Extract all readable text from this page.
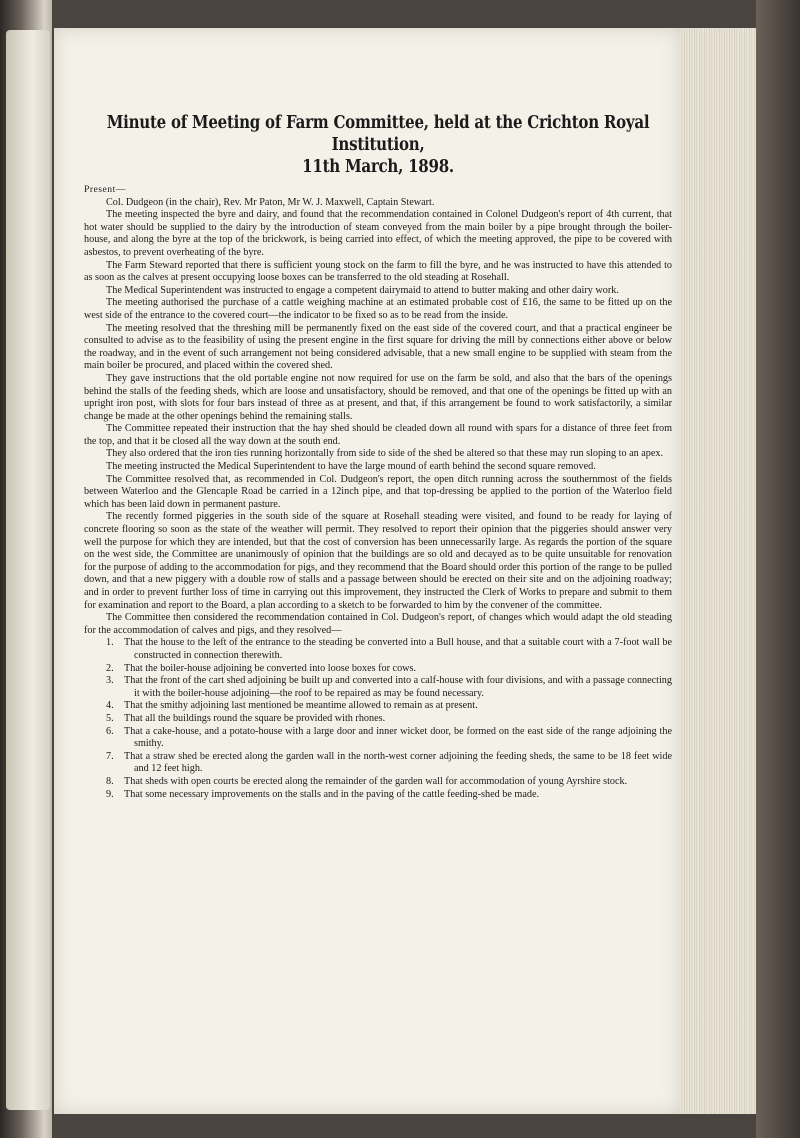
Minute of Meeting of Farm Committee, held at the Crichton Royal Institution,
11th March, 1898.

Present—

Col. Dudgeon (in the chair), Rev. Mr Paton, Mr W. J. Maxwell, Captain Stewart.

The meeting inspected the byre and dairy, and found that the recommendation contained in Colonel Dudgeon's report of 4th current, that hot water should be supplied to the dairy by the introduction of steam conveyed from the main boiler by a pipe brought through the boiler-house, and along the byre at the top of the brickwork, is being carried into effect, of which the meeting approved, the pipe to be covered with asbestos, to prevent overheating of the byre.

The Farm Steward reported that there is sufficient young stock on the farm to fill the byre, and he was instructed to have this attended to as soon as the calves at present occupying loose boxes can be transferred to the old steading at Rosehall.

The Medical Superintendent was instructed to engage a competent dairymaid to attend to butter making and other dairy work.

The meeting authorised the purchase of a cattle weighing machine at an estimated probable cost of £16, the same to be fitted up on the west side of the entrance to the covered court—the indicator to be fixed so as to be read from the inside.

The meeting resolved that the threshing mill be permanently fixed on the east side of the covered court, and that a practical engineer be consulted to advise as to the feasibility of using the present engine in the first square for driving the mill by connections either above or below the roadway, and in the event of such arrangement not being considered advisable, that a new small engine to be supplied with steam from the main boiler be procured, and placed within the covered shed.

They gave instructions that the old portable engine not now required for use on the farm be sold, and also that the bars of the openings behind the stalls of the feeding sheds, which are loose and unsatisfactory, should be removed, and that one of the openings be fitted up with an upright iron post, with slots for four bars instead of three as at present, and that, if this arrangement be found to work satisfactorily, a similar change be made at the other openings behind the remaining stalls.

The Committee repeated their instruction that the hay shed should be cleaded down all round with spars for a distance of three feet from the top, and that it be closed all the way down at the south end.

They also ordered that the iron ties running horizontally from side to side of the shed be altered so that these may run sloping to an apex.

The meeting instructed the Medical Superintendent to have the large mound of earth behind the second square removed.

The Committee resolved that, as recommended in Col. Dudgeon's report, the open ditch running across the southernmost of the fields between Waterloo and the Glencaple Road be carried in a 12inch pipe, and that top-dressing be applied to the portion of the Waterloo field which has been laid down in permanent pasture.

The recently formed piggeries in the south side of the square at Rosehall steading were visited, and found to be ready for laying of concrete flooring so soon as the state of the weather will permit. They resolved to report their opinion that the piggeries should answer very well the purpose for which they are intended, but that the cost of conversion has been unnecessarily large. As regards the portion of the square on the west side, the Committee are unanimously of opinion that the buildings are so old and decayed as to be quite unsuitable for renovation for the purpose of adding to the accommodation for pigs, and they recommend that the Board should order this portion of the range to be pulled down, and that a new piggery with a double row of stalls and a passage between should be erected on their site and on the adjoining roadway; and in order to prevent further loss of time in carrying out this improvement, they instructed the Clerk of Works to prepare and submit to them for examination and report to the Board, a plan according to a sketch to be forwarded to him by the convener of the committee.

The Committee then considered the recommendation contained in Col. Dudgeon's report, of changes which would adapt the old steading for the accommodation of calves and pigs, and they resolved—

1. That the house to the left of the entrance to the steading be converted into a Bull house, and that a suitable court with a 7-foot wall be constructed in connection therewith.
2. That the boiler-house adjoining be converted into loose boxes for cows.
3. That the front of the cart shed adjoining be built up and converted into a calf-house with four divisions, and with a passage connecting it with the boiler-house adjoining—the roof to be repaired as may be found necessary.
4. That the smithy adjoining last mentioned be meantime allowed to remain as at present.
5. That all the buildings round the square be provided with rhones.
6. That a cake-house, and a potato-house with a large door and inner wicket door, be formed on the east side of the range adjoining the smithy.
7. That a straw shed be erected along the garden wall in the north-west corner adjoining the feeding sheds, the same to be 18 feet wide and 12 feet high.
8. That sheds with open courts be erected along the remainder of the garden wall for accommodation of young Ayrshire stock.
9. That some necessary improvements on the stalls and in the paving of the cattle feeding-shed be made.
